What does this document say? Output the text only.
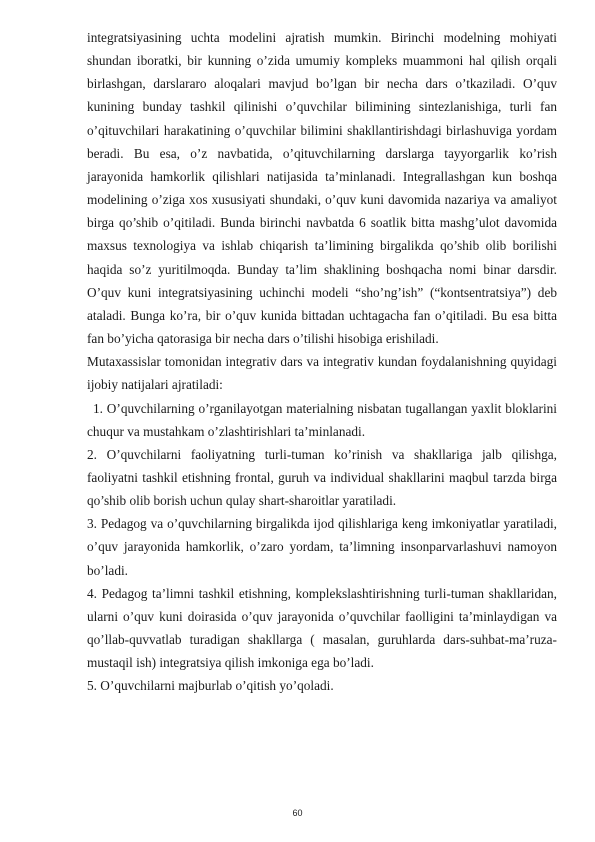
integratsiyasining uchta modelini ajratish mumkin. Birinchi modelning mohiyati shundan iboratki, bir kunning o’zida umumiy kompleks muammoni hal qilish orqali birlashgan, darslararo aloqalari mavjud bo’lgan bir necha dars o’tkaziladi. O’quv kunining bunday tashkil qilinishi o’quvchilar bilimining sintezlanishiga, turli fan o’qituvchilari harakatining o’quvchilar bilimini shakllantirishdagi birlashuviga yordam beradi. Bu esa, o’z navbatida, o’qituvchilarning darslarga tayyorgarlik ko’rish jarayonida hamkorlik qilishlari natijasida ta’minlanadi. Integrallashgan kun boshqa modelining o’ziga xos xususiyati shundaki, o’quv kuni davomida nazariya va amaliyot birga qo’shib o’qitiladi. Bunda birinchi navbatda 6 soatlik bitta mashg’ulot davomida maxsus texnologiya va ishlab chiqarish ta’limining birgalikda qo’shib olib borilishi haqida so’z yuritilmoqda. Bunday ta’lim shaklining boshqacha nomi binar darsdir. O’quv kuni integratsiyasining uchinchi modeli “sho’ng’ish” (“kontsentratsiya”) deb ataladi. Bunga ko’ra, bir o’quv kunida bittadan uchtagacha fan o’qitiladi. Bu esa bitta fan bo’yicha qatorasiga bir necha dars o’tilishi hisobiga erishiladi.

Mutaxassislar tomonidan integrativ dars va integrativ kundan foydalanishning quyidagi ijobiy natijalari ajratiladi:

1. O’quvchilarning o’rganilayotgan materialning nisbatan tugallangan yaxlit bloklarini chuqur va mustahkam o’zlashtirishlari ta’minlanadi.

2. O’quvchilarni faoliyatning turli-tuman ko’rinish va shakllariga jalb qilishga, faoliyatni tashkil etishning frontal, guruh va individual shakllarini maqbul tarzda birga qo’shib olib borish uchun qulay shart-sharoitlar yaratiladi.

3. Pedagog va o’quvchilarning birgalikda ijod qilishlariga keng imkoniyatlar yaratiladi, o’quv jarayonida hamkorlik, o’zaro yordam, ta’limning insonparvarlashuvi namoyon bo’ladi.

4. Pedagog ta’limni tashkil etishning, komplekslashtirishning turli-tuman shakllaridan, ularni o’quv kuni doirasida o’quv jarayonida o’quvchilar faolligini ta’minlaydigan va qo’llab-quvvatlab turadigan shakllarga ( masalan, guruhlarda dars-suhbat-ma’ruza-mustaqil ish) integratsiya qilish imkoniga ega bo’ladi.

5. O’quvchilarni majburlab o’qitish yo’qoladi.

60
